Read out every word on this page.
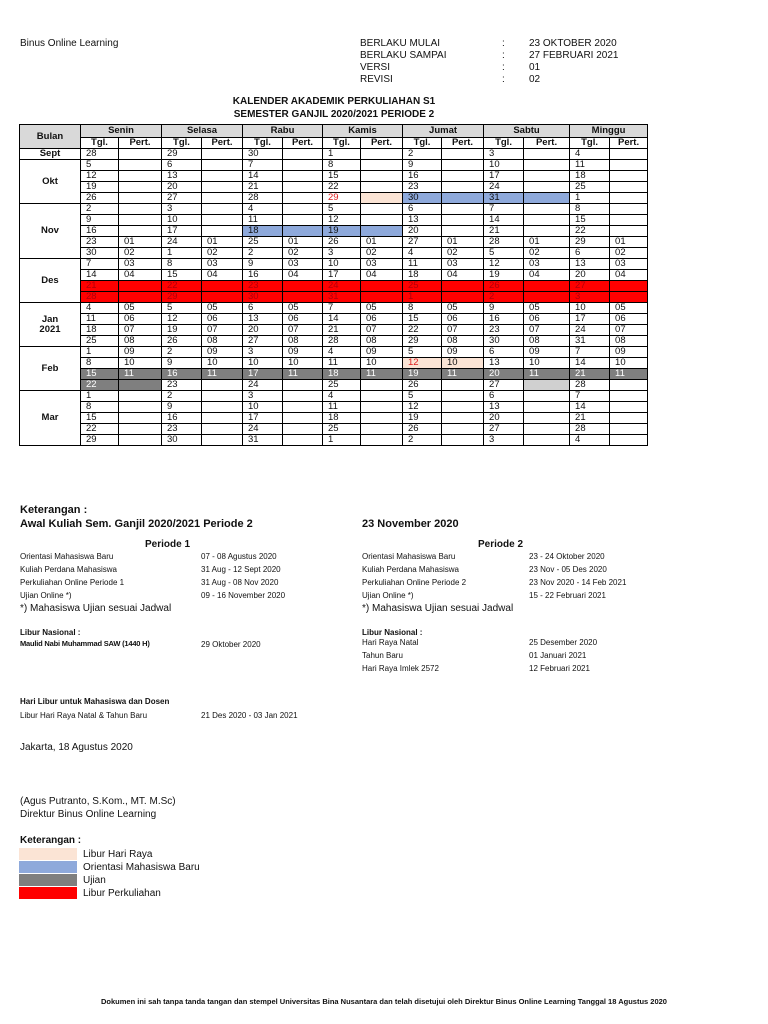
Binus Online Learning	BERLAKU MULAI	:	23 OKTOBER 2020
BERLAKU SAMPAI	:	27 FEBRUARI 2021
VERSI	:	01
REVISI	:	02
KALENDER AKADEMIK PERKULIAHAN S1
SEMESTER GANJIL 2020/2021 PERIODE 2
Bulan	Senin		Selasa		Rabu		Kamis		Jumat		Sabtu		Minggu	
	Tgl.	Pert.	Tgl.	Pert.	Tgl.	Pert.	Tgl.	Pert.	Tgl.	Pert.	Tgl.	Pert.	Tgl.	Pert.
Sept	28		29		30		1		2		3		4	
Okt	5		6		7		8		9		10		11	
	12		13		14		15		16		17		18	
	19		20		21		22		23		24		25	
	26		27		28		29		30		31		1	
Nov	2		3		4		5		6		7		8	
	9		10		11		12		13		14		15	
	16		17		18		19		20		21		22	
	23	01	24	01	25	01	26	01	27	01	28	01	29	01
	30	02	1	02	2	02	3	02	4	02	5	02	6	02
Des	7	03	8	03	9	03	10	03	11	03	12	03	13	03
	14	04	15	04	16	04	17	04	18	04	19	04	20	04
	21		22		23		24		25		26		27	
	28		29		30		31		1		2		3	
Jan
2021	4	05	5	05	6	05	7	05	8	05	9	05	10	05
	11	06	12	06	13	06	14	06	15	06	16	06	17	06
	18	07	19	07	20	07	21	07	22	07	23	07	24	07
	25	08	26	08	27	08	28	08	29	08	30	08	31	08
Feb	1	09	2	09	3	09	4	09	5	09	6	09	7	09
	8	10	9	10	10	10	11	10	12	10	13	10	14	10
	15	11	16	11	17	11	18	11	19	11	20	11	21	11
	22		23		24		25		26		27		28	
Mar	1		2		3		4		5		6		7	
	8		9		10		11		12		13		14	
	15		16		17		18		19		20		21	
	22		23		24		25		26		27		28	
	29		30		31		1		2		3		4	
Keterangan :
Awal Kuliah Sem. Ganjil 2020/2021 Periode 2	23 November 2020
Periode 1
Orientasi Mahasiswa Baru	07 - 08 Agustus 2020
Kuliah Perdana Mahasiswa	31 Aug - 12 Sept 2020
Perkuliahan Online Periode 1	31 Aug - 08 Nov 2020
Ujian Online *)	09 - 16 November 2020
*) Mahasiswa Ujian sesuai Jadwal
Periode 2
Orientasi Mahasiswa Baru	23 - 24 Oktober 2020
Kuliah Perdana Mahasiswa	23 Nov - 05 Des 2020
Perkuliahan Online Periode 2	23 Nov 2020 - 14 Feb 2021
Ujian Online *)	15 - 22 Februari 2021
*) Mahasiswa Ujian sesuai Jadwal
Libur Nasional :
Maulid Nabi Muhammad SAW (1440 H)	29 Oktober 2020
Libur Nasional :
Hari Raya Natal	25 Desember 2020
Tahun Baru	01 Januari 2021
Hari Raya Imlek 2572	12 Februari 2021
Hari Libur untuk Mahasiswa dan Dosen
Libur Hari Raya Natal & Tahun Baru	21 Des 2020 - 03 Jan 2021
Jakarta, 18 Agustus 2020
(Agus Putranto, S.Kom., MT. M.Sc)
Direktur Binus Online Learning
Keterangan :
Libur Hari Raya
Orientasi Mahasiswa Baru
Ujian
Libur Perkuliahan
Dokumen ini sah tanpa tanda tangan dan stempel Universitas Bina Nusantara dan telah disetujui oleh Direktur Binus Online Learning Tanggal 18 Agustus 2020
